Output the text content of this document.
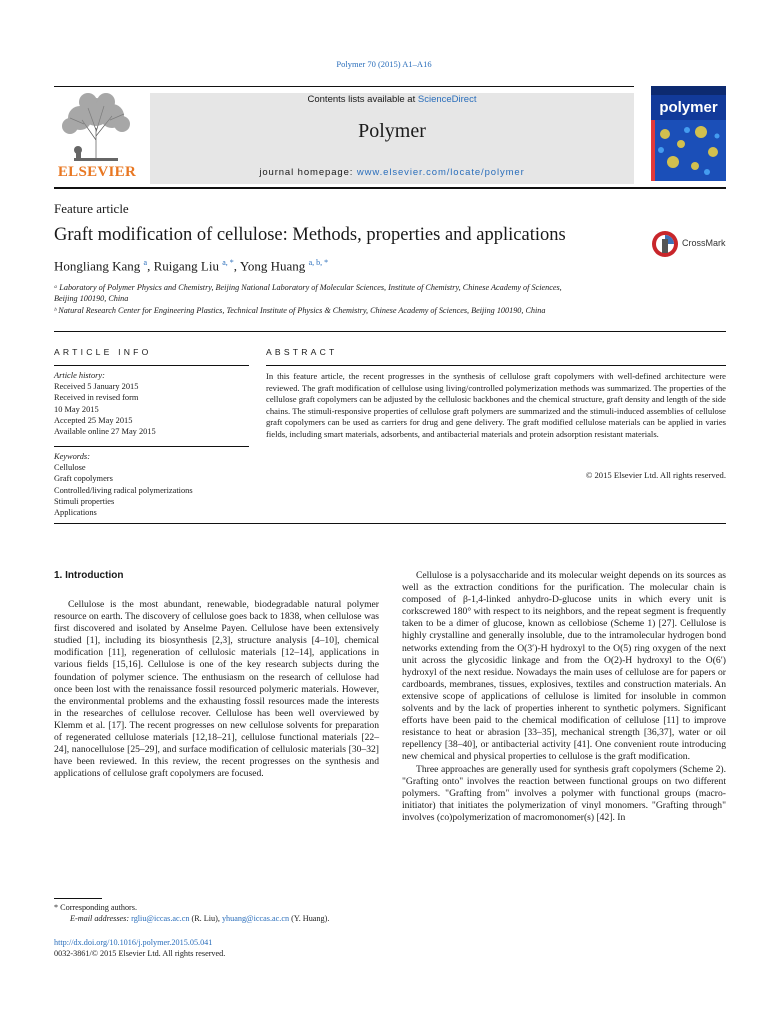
Polymer 70 (2015) A1–A16
ELSEVIER
Contents lists available at ScienceDirect
Polymer
journal homepage: www.elsevier.com/locate/polymer
polymer
Feature article
Graft modification of cellulose: Methods, properties and applications	CrossMark
Hongliang Kang $^a$, Ruigang Liu $^{a, *}$, Yong Huang $^{a, b, *}$
ᵃ Laboratory of Polymer Physics and Chemistry, Beijing National Laboratory of Molecular Sciences, Institute of Chemistry, Chinese Academy of Sciences,
Beijing 100190, China
ᵇ Natural Research Center for Engineering Plastics, Technical Institute of Physics & Chemistry, Chinese Academy of Sciences, Beijing 100190, China
ARTICLE INFO	ABSTRACT
Article history:
Received 5 January 2015
Received in revised form
10 May 2015
Accepted 25 May 2015
Available online 27 May 2015
Keywords:
Cellulose
Graft copolymers
Controlled/living radical polymerizations
Stimuli properties
Applications
In this feature article, the recent progresses in the synthesis of cellulose graft copolymers with well-defined architecture were reviewed. The graft modification of cellulose using living/controlled polymerization methods was summarized. The properties of the cellulose graft copolymers can be adjusted by the cellulosic backbones and the chemical structure, graft density and length of the side chains. The stimuli-responsive properties of cellulose graft polymers are summarized and the stimuli-induced assemblies of cellulose graft copolymers can be used as carriers for drug and gene delivery. The graft modified cellulose materials can be applied in varies fields, including smart materials, adsorbents, and antibacterial materials and protein adsorption resistant materials.
© 2015 Elsevier Ltd. All rights reserved.
1. Introduction

Cellulose is the most abundant, renewable, biodegradable natural polymer resource on earth. The discovery of cellulose goes back to 1838, when cellulose was first discovered and isolated by Anselme Payen. Cellulose have been extensively studied [1], including its biosynthesis [2,3], structure analysis [4–10], chemical modification [11], regeneration of cellulosic materials [12–14], applications in various fields [15,16]. Cellulose is one of the key research subjects during the foundation of polymer science. The enthusiasm on the research of cellulose had once been lost with the renaissance fossil resourced polymeric materials. However, the environmental problems and the exhausting fossil resources made the interests in the researches of cellulose recover. Cellulose has been well overviewed by Klemm et al. [17]. The recent progresses on new cellulose solvents for preparation of regenerated cellulose materials [12,18–21], cellulose functional materials [22–24], nanocellulose [25–29], and surface modification of cellulosic materials [30–32] have been reviewed. In this review, the recent progresses on the synthesis and applications of cellulose graft copolymers are focused.

Cellulose is a polysaccharide and its molecular weight depends on its sources as well as the extraction conditions for the purification. The molecular chain is composed of β-1,4-linked anhydro-D-glucose units in which every unit is corkscrewed 180° with respect to its neighbors, and the repeat segment is frequently taken to be a dimer of glucose, known as cellobiose (Scheme 1) [27]. Cellulose is highly crystalline and generally insoluble, due to the intramolecular hydrogen bond networks extending from the O(3′)-H hydroxyl to the O(5) ring oxygen of the next unit across the glycosidic linkage and from the O(2)-H hydroxyl to the O(6′) hydroxyl of the next residue. Nowadays the main uses of cellulose are for papers or cardboards, membranes, tissues, explosives, textiles and construction materials. An extensive scope of applications of cellulose is limited for insoluble in common solvents and by the lack of properties inherent to synthetic polymers. Significant efforts have been paid to the chemical modification of cellulose [11] to improve resistance to heat or abrasion [33–35], mechanical strength [36,37], water or oil repellency [38–40], or antibacterial activity [41]. One convenient route introducing new chemical and physical properties to cellulose is the graft modification.

Three approaches are generally used for synthesis graft copolymers (Scheme 2). "Grafting onto" involves the reaction between functional groups on two different polymers. "Grafting from" involves a polymer with functional groups (macro-initiator) that initiates the polymerization of vinyl monomers. "Grafting through" involves (co)polymerization of macromonomer(s) [42]. In

* Corresponding authors.
E-mail addresses: rgliu@iccas.ac.cn (R. Liu), yhuang@iccas.ac.cn (Y. Huang).
http://dx.doi.org/10.1016/j.polymer.2015.05.041
0032-3861/© 2015 Elsevier Ltd. All rights reserved.
